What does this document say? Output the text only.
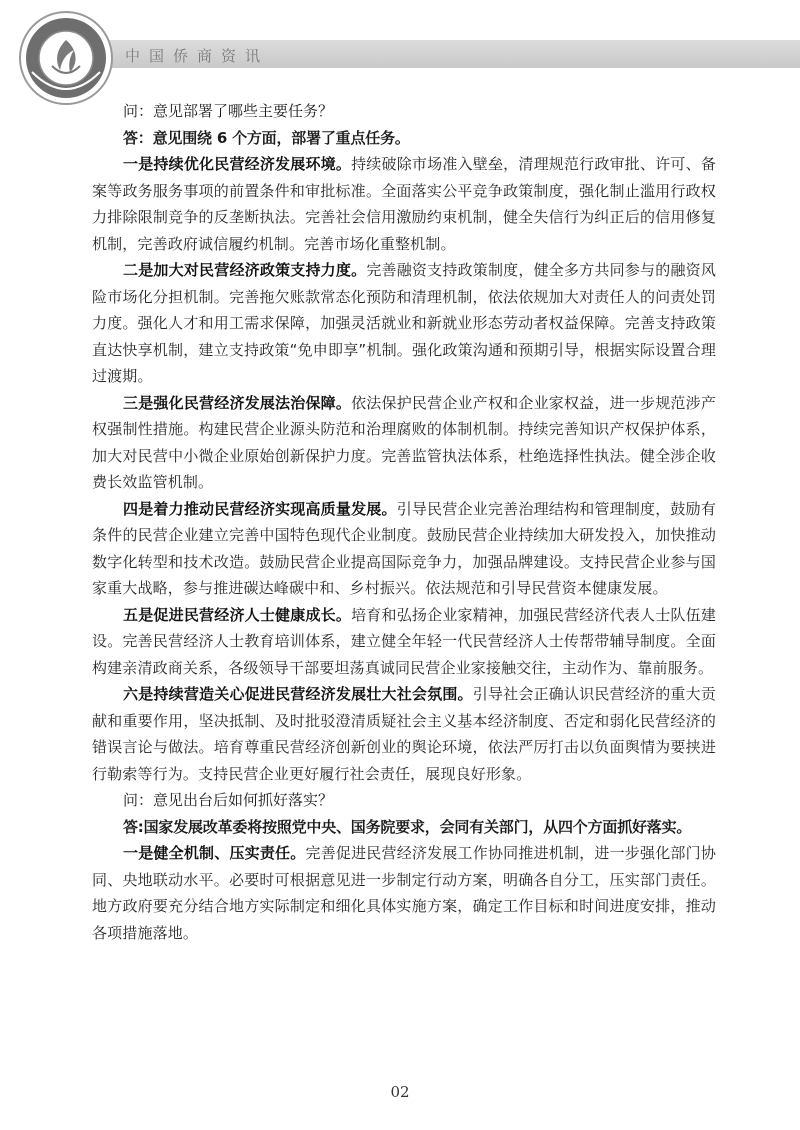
中国侨商资讯

问：意见部署了哪些主要任务？

答：意见围绕 6 个方面，部署了重点任务。

一是持续优化民营经济发展环境。持续破除市场准入壁垒，清理规范行政审批、许可、备案等政务服务事项的前置条件和审批标准。全面落实公平竞争政策制度，强化制止滥用行政权力排除限制竞争的反垄断执法。完善社会信用激励约束机制，健全失信行为纠正后的信用修复机制，完善政府诚信履约机制。完善市场化重整机制。

二是加大对民营经济政策支持力度。完善融资支持政策制度，健全多方共同参与的融资风险市场化分担机制。完善拖欠账款常态化预防和清理机制，依法依规加大对责任人的问责处罚力度。强化人才和用工需求保障，加强灵活就业和新就业形态劳动者权益保障。完善支持政策直达快享机制，建立支持政策“免申即享”机制。强化政策沟通和预期引导，根据实际设置合理过渡期。

三是强化民营经济发展法治保障。依法保护民营企业产权和企业家权益，进一步规范涉产权强制性措施。构建民营企业源头防范和治理腐败的体制机制。持续完善知识产权保护体系，加大对民营中小微企业原始创新保护力度。完善监管执法体系，杜绝选择性执法。健全涉企收费长效监管机制。

四是着力推动民营经济实现高质量发展。引导民营企业完善治理结构和管理制度，鼓励有条件的民营企业建立完善中国特色现代企业制度。鼓励民营企业持续加大研发投入，加快推动数字化转型和技术改造。鼓励民营企业提高国际竞争力，加强品牌建设。支持民营企业参与国家重大战略，参与推进碳达峰碳中和、乡村振兴。依法规范和引导民营资本健康发展。

五是促进民营经济人士健康成长。培育和弘扬企业家精神，加强民营经济代表人士队伍建设。完善民营经济人士教育培训体系，建立健全年轻一代民营经济人士传帮带辅导制度。全面构建亲清政商关系，各级领导干部要坦荡真诚同民营企业家接触交往，主动作为、靠前服务。

六是持续营造关心促进民营经济发展壮大社会氛围。引导社会正确认识民营经济的重大贡献和重要作用，坚决抵制、及时批驳澄清质疑社会主义基本经济制度、否定和弱化民营经济的错误言论与做法。培育尊重民营经济创新创业的舆论环境，依法严厉打击以负面舆情为要挟进行勒索等行为。支持民营企业更好履行社会责任，展现良好形象。

问：意见出台后如何抓好落实？

答:国家发展改革委将按照党中央、国务院要求，会同有关部门，从四个方面抓好落实。

一是健全机制、压实责任。完善促进民营经济发展工作协同推进机制，进一步强化部门协同、央地联动水平。必要时可根据意见进一步制定行动方案，明确各自分工，压实部门责任。地方政府要充分结合地方实际制定和细化具体实施方案，确定工作目标和时间进度安排，推动各项措施落地。

02
